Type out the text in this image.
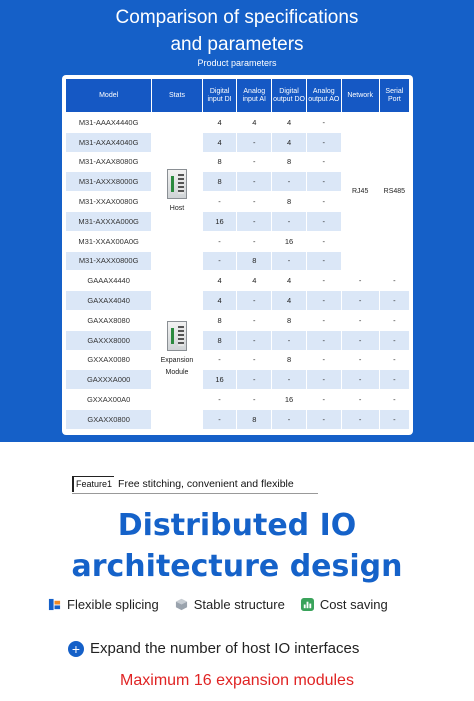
Comparison of specifications
and parameters
Product parameters
Model	Stats	Digital input DI	Analog input AI	Digital output DO	Analog output AO	Network	Serial Port
M31-AAAX4440G	Host	4	4	4	-	RJ45	RS485
M31-AXAX4040G		4	-	4	-		
M31-AXAX8080G		8	-	8	-		
M31-AXXX8000G		8	-	-	-		
M31-XXAX0080G		-	-	8	-		
M31-AXXXA000G		16	-	-	-		
M31-XXAX00A0G		-	-	16	-		
M31-XAXX0800G		-	8	-	-		
GAAAX4440	Expansion Module	4	4	4	-	-	-
GAXAX4040		4	-	4	-	-	-
GAXAX8080		8	-	8	-	-	-
GAXXX8000		8	-	-	-	-	-
GXXAX0080		-	-	8	-	-	-
GAXXXA000		16	-	-	-	-	-
GXXAX00A0		-	-	16	-	-	-
GXAXX0800		-	8	-	-	-	-
Feature1 Free stitching, convenient and flexible
Distributed IO
architecture design
Flexible splicing	Stable structure	Cost saving
+ Expand the number of host IO interfaces
Maximum 16 expansion modules
